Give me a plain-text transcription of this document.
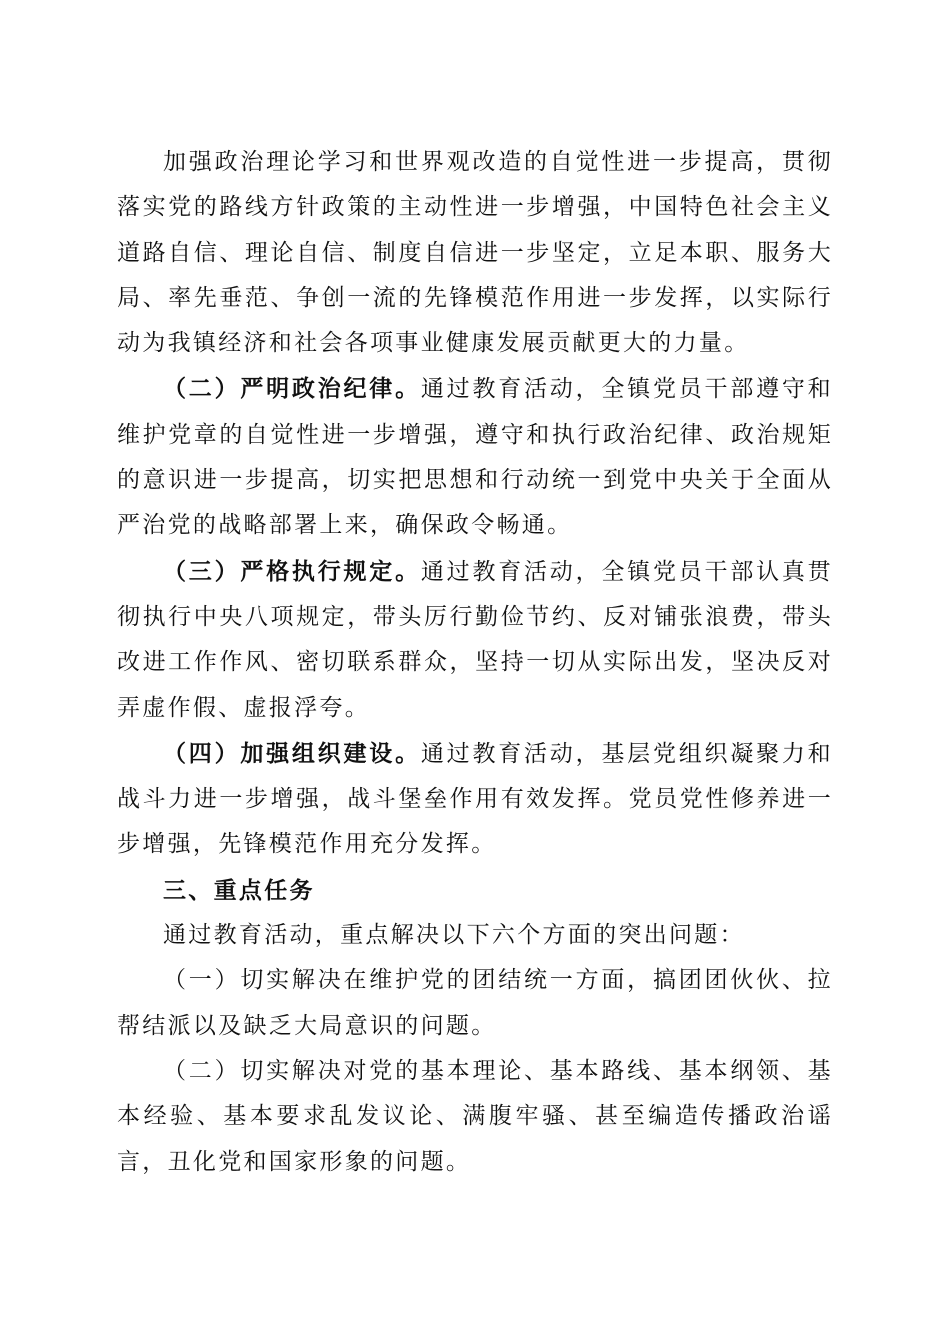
加强政治理论学习和世界观改造的自觉性进一步提高，贯彻落实党的路线方针政策的主动性进一步增强，中国特色社会主义道路自信、理论自信、制度自信进一步坚定，立足本职、服务大局、率先垂范、争创一流的先锋模范作用进一步发挥，以实际行动为我镇经济和社会各项事业健康发展贡献更大的力量。

（二）严明政治纪律。通过教育活动，全镇党员干部遵守和维护党章的自觉性进一步增强，遵守和执行政治纪律、政治规矩的意识进一步提高，切实把思想和行动统一到党中央关于全面从严治党的战略部署上来，确保政令畅通。

（三）严格执行规定。通过教育活动，全镇党员干部认真贯彻执行中央八项规定，带头厉行勤俭节约、反对铺张浪费，带头改进工作作风、密切联系群众，坚持一切从实际出发，坚决反对弄虚作假、虚报浮夸。

（四）加强组织建设。通过教育活动，基层党组织凝聚力和战斗力进一步增强，战斗堡垒作用有效发挥。党员党性修养进一步增强，先锋模范作用充分发挥。

三、重点任务

通过教育活动，重点解决以下六个方面的突出问题：

（一）切实解决在维护党的团结统一方面，搞团团伙伙、拉帮结派以及缺乏大局意识的问题。

（二）切实解决对党的基本理论、基本路线、基本纲领、基本经验、基本要求乱发议论、满腹牢骚、甚至编造传播政治谣言，丑化党和国家形象的问题。
